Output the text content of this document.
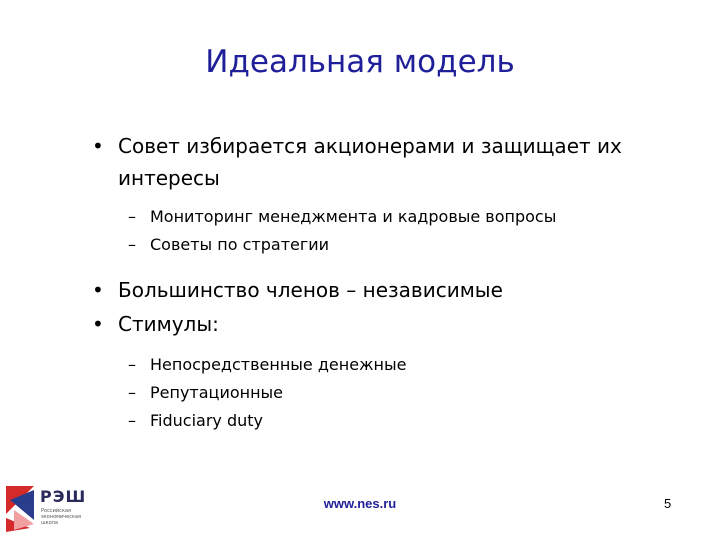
Идеальная модель
• Совет избирается акционерами и защищает их интересы
– Мониторинг менеджмента и кадровые вопросы
– Советы по стратегии
• Большинство членов – независимые
• Стимулы:
– Непосредственные денежные
– Репутационные
– Fiduciary duty
РЭШ
Российская экономическая школа
www.nes.ru	5
